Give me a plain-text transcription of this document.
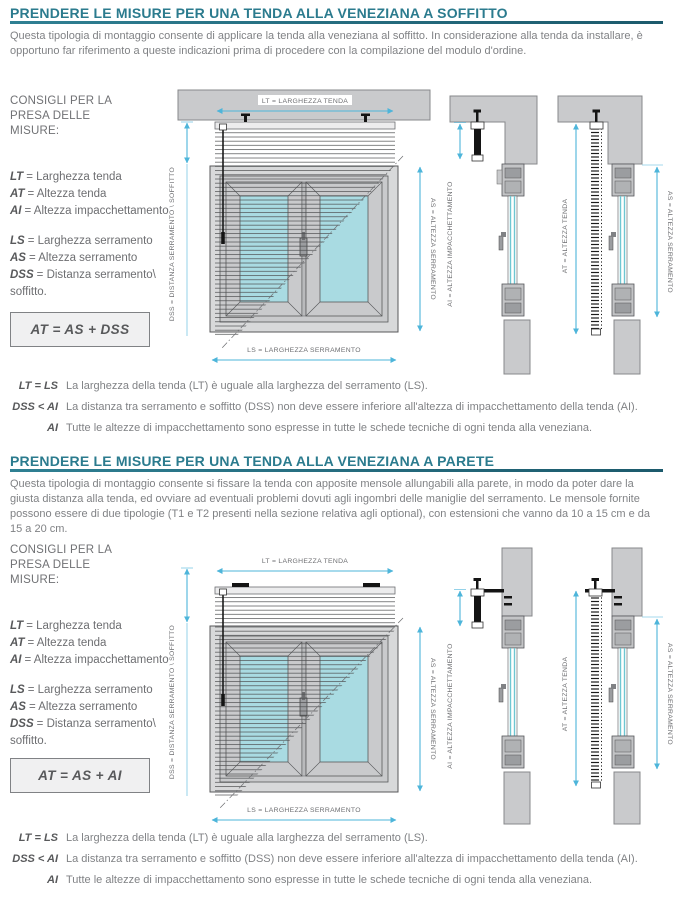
PRENDERE LE MISURE PER UNA TENDA ALLA VENEZIANA A SOFFITTO
Questa tipologia di montaggio consente di applicare la tenda alla veneziana al soffitto. In considerazione alla tenda da installare, è opportuno far riferimento a queste indicazioni prima di procedere con la compilazione del modulo d'ordine.
CONSIGLI PER LA PRESA DELLE MISURE:
LT = Larghezza tenda
AT = Altezza tenda
AI = Altezza impacchettamento
LS = Larghezza serramento
AS = Altezza serramento
DSS = Distanza serramento\ soffitto.
AT = AS + DSS
LT = LARGHEZZA TENDA
DSS = DISTANZA SERRAMENTO \ SOFFITTO	AS = ALTEZZA SERRAMENTO
LS = LARGHEZZA SERRAMENTO
AI = ALTEZZA IMPACCHETTAMENTO	AT = ALTEZZA TENDA	AS = ALTEZZA SERRAMENTO
LT = LS La larghezza della tenda (LT) è uguale alla larghezza del serramento (LS).
DSS < AI La distanza tra serramento e soffitto (DSS) non deve essere inferiore all'altezza di impacchettamento della tenda (AI).
AI Tutte le altezze di impacchettamento sono espresse in tutte le schede tecniche di ogni tenda alla veneziana.
PRENDERE LE MISURE PER UNA TENDA ALLA VENEZIANA A PARETE
Questa tipologia di montaggio consente si fissare la tenda con apposite mensole allungabili alla parete, in modo da poter dare la giusta distanza alla tenda, ed ovviare ad eventuali problemi dovuti agli ingombri delle maniglie del serramento. Le mensole fornite possono essere di due tipologie (T1 e T2 presenti nella sezione relativa agli optional), con estensioni che vanno da 10 a 15 cm e da 15 a 20 cm.
CONSIGLI PER LA PRESA DELLE MISURE:
LT = Larghezza tenda
AT = Altezza tenda
AI = Altezza impacchettamento
LS = Larghezza serramento
AS = Altezza serramento
DSS = Distanza serramento\ soffitto.
AT = AS + AI
LT = LARGHEZZA TENDA
DSS = DISTANZA SERRAMENTO \ SOFFITTO	AS = ALTEZZA SERRAMENTO
LS = LARGHEZZA SERRAMENTO
AI = ALTEZZA IMPACCHETTAMENTO	AT = ALTEZZA TENDA	AS = ALTEZZA SERRAMENTO
LT = LS La larghezza della tenda (LT) è uguale alla larghezza del serramento (LS).
DSS < AI La distanza tra serramento e soffitto (DSS) non deve essere inferiore all'altezza di impacchettamento della tenda (AI).
AI Tutte le altezze di impacchettamento sono espresse in tutte le schede tecniche di ogni tenda alla veneziana.
